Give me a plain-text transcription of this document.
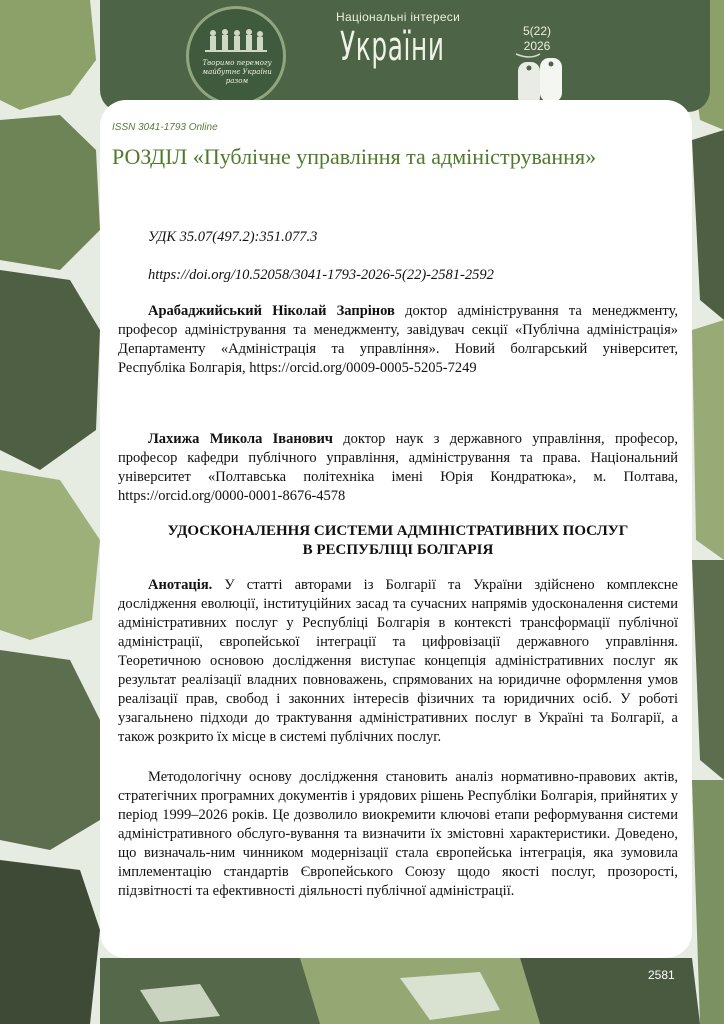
Творимо перемогу майбутнє України разом
Національні інтереси
України	5(22)
2026
ISSN 3041-1793 Online
РОЗДІЛ «Публічне управління та адміністрування»
УДК 35.07(497.2):351.077.3
https://doi.org/10.52058/3041-1793-2026-5(22)-2581-2592
Арабаджийський Ніколай Запрінов доктор адміністрування та менеджменту, професор адміністрування та менеджменту, завідувач секції «Публічна адміністрація» Департаменту «Адміністрація та управління». Новий болгарський університет, Республіка Болгарія, https://orcid.org/0009-0005-5205-7249
Лахижа Микола Іванович доктор наук з державного управління, професор, професор кафедри публічного управління, адміністрування та права. Національний університет «Полтавська політехніка імені Юрія Кондратюка», м. Полтава, https://orcid.org/0000-0001-8676-4578
УДОСКОНАЛЕННЯ СИСТЕМИ АДМІНІСТРАТИВНИХ ПОСЛУГ
В РЕСПУБЛІЦІ БОЛГАРІЯ
Анотація. У статті авторами із Болгарії та України здійснено комплексне дослідження еволюції, інституційних засад та сучасних напрямів удосконалення системи адміністративних послуг у Республіці Болгарія в контексті трансформації публічної адміністрації, європейської інтеграції та цифровізації державного управління. Теоретичною основою дослідження виступає концепція адміністративних послуг як результат реалізації владних повноважень, спрямованих на юридичне оформлення умов реалізації прав, свобод і законних інтересів фізичних та юридичних осіб. У роботі узагальнено підходи до трактування адміністративних послуг в Україні та Болгарії, а також розкрито їх місце в системі публічних послуг.
Методологічну основу дослідження становить аналіз нормативно-правових актів, стратегічних програмних документів і урядових рішень Республіки Болгарія, прийнятих у період 1999–2026 років. Це дозволило виокремити ключові етапи реформування системи адміністративного обслуго-вування та визначити їх змістовні характеристики. Доведено, що визначаль-ним чинником модернізації стала європейська інтеграція, яка зумовила імплементацію стандартів Європейського Союзу щодо якості послуг, прозорості, підзвітності та ефективності діяльності публічної адміністрації.
2581
